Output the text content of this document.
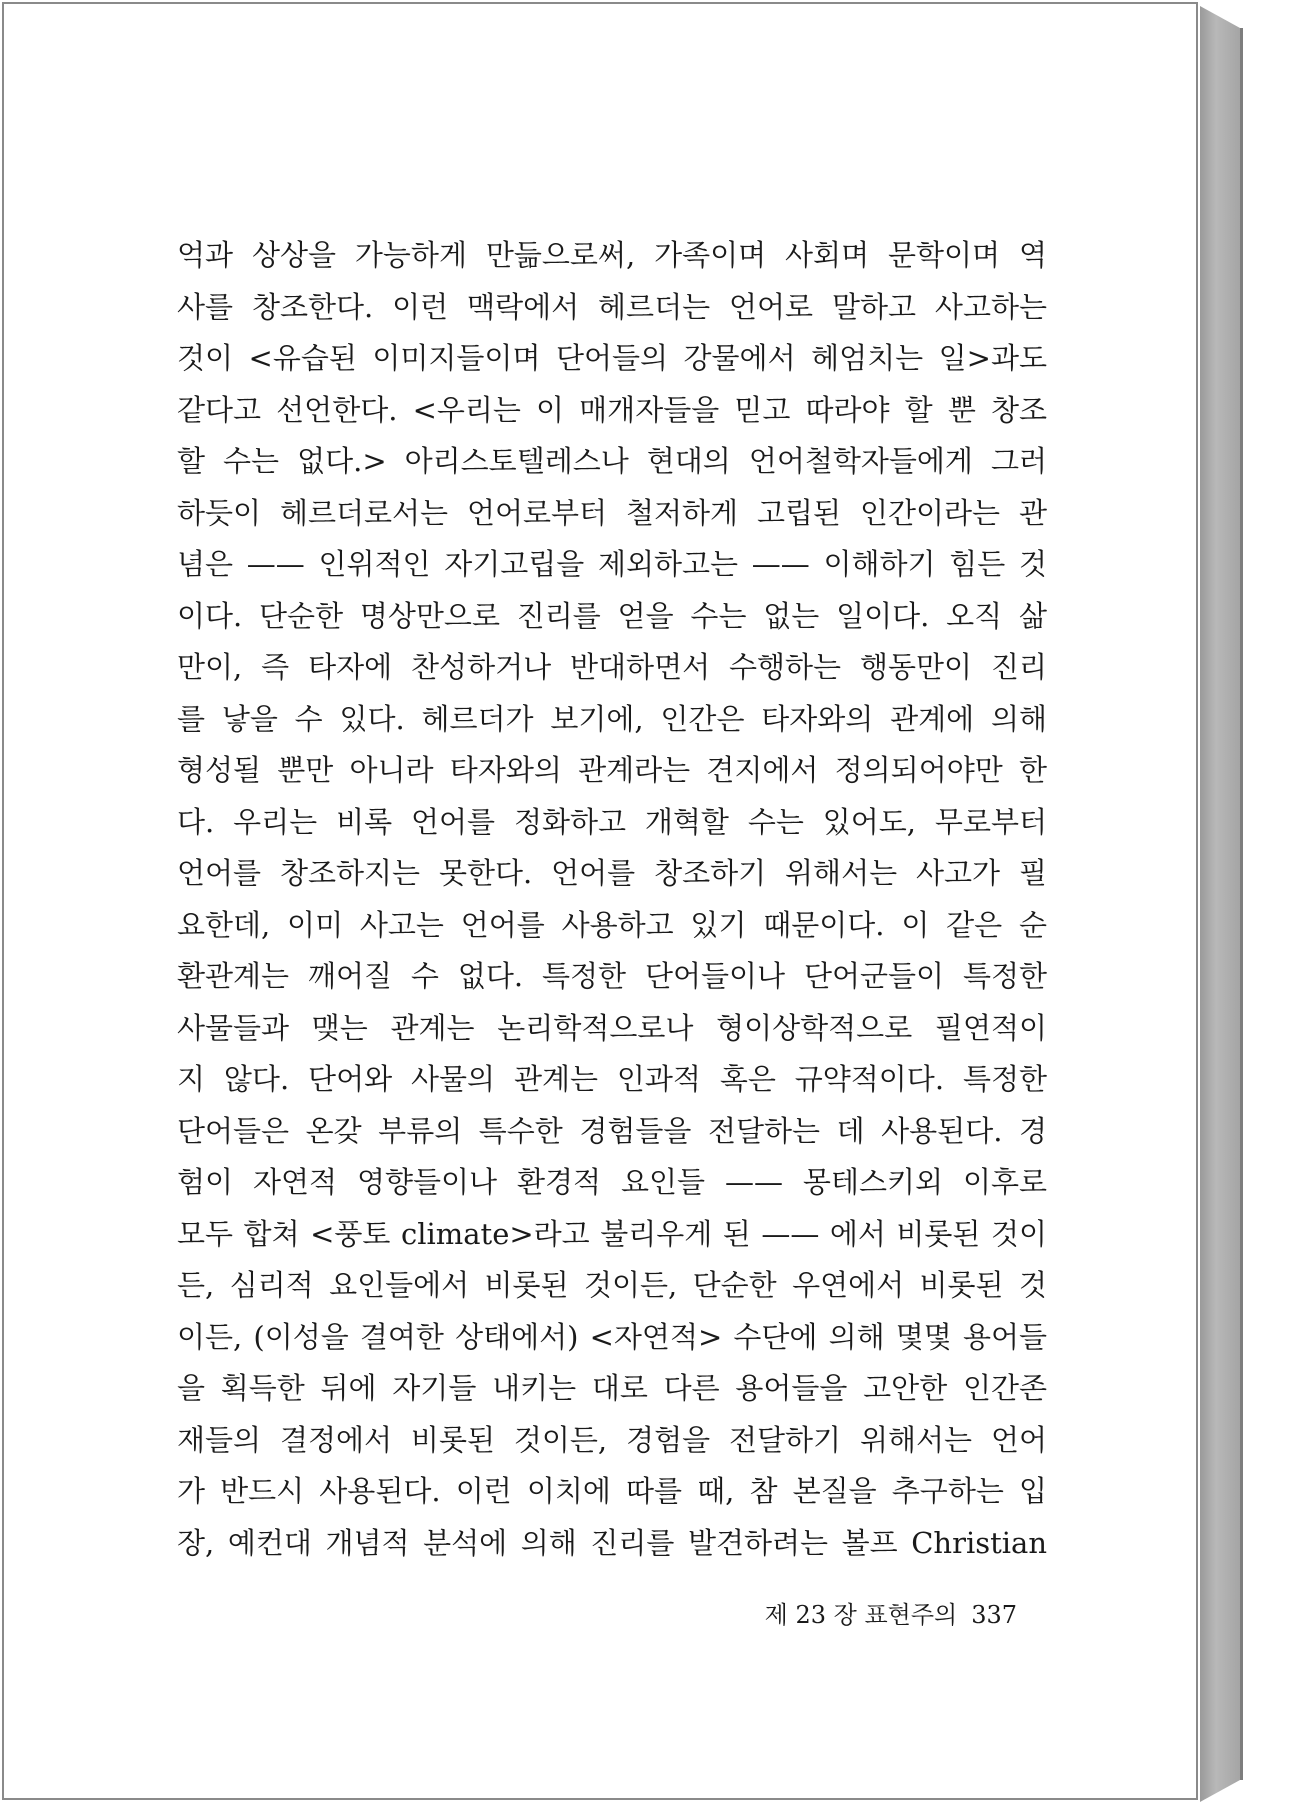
억과 상상을 가능하게 만듦으로써, 가족이며 사회며 문학이며 역
사를 창조한다. 이런 맥락에서 헤르더는 언어로 말하고 사고하는
것이 <유습된 이미지들이며 단어들의 강물에서 헤엄치는 일>과도
같다고 선언한다. <우리는 이 매개자들을 믿고 따라야 할 뿐 창조
할 수는 없다.> 아리스토텔레스나 현대의 언어철학자들에게 그러
하듯이 헤르더로서는 언어로부터 철저하게 고립된 인간이라는 관
념은 —— 인위적인 자기고립을 제외하고는 —— 이해하기 힘든 것
이다. 단순한 명상만으로 진리를 얻을 수는 없는 일이다. 오직 삶
만이, 즉 타자에 찬성하거나 반대하면서 수행하는 행동만이 진리
를 낳을 수 있다. 헤르더가 보기에, 인간은 타자와의 관계에 의해
형성될 뿐만 아니라 타자와의 관계라는 견지에서 정의되어야만 한
다. 우리는 비록 언어를 정화하고 개혁할 수는 있어도, 무로부터
언어를 창조하지는 못한다. 언어를 창조하기 위해서는 사고가 필
요한데, 이미 사고는 언어를 사용하고 있기 때문이다. 이 같은 순
환관계는 깨어질 수 없다. 특정한 단어들이나 단어군들이 특정한
사물들과 맺는 관계는 논리학적으로나 형이상학적으로 필연적이
지 않다. 단어와 사물의 관계는 인과적 혹은 규약적이다. 특정한
단어들은 온갖 부류의 특수한 경험들을 전달하는 데 사용된다. 경
험이 자연적 영향들이나 환경적 요인들 —— 몽테스키외 이후로
모두 합쳐 <풍토 climate>라고 불리우게 된 —— 에서 비롯된 것이
든, 심리적 요인들에서 비롯된 것이든, 단순한 우연에서 비롯된 것
이든, (이성을 결여한 상태에서) <자연적> 수단에 의해 몇몇 용어들
을 획득한 뒤에 자기들 내키는 대로 다른 용어들을 고안한 인간존
재들의 결정에서 비롯된 것이든, 경험을 전달하기 위해서는 언어
가 반드시 사용된다. 이런 이치에 따를 때, 참 본질을 추구하는 입
장, 예컨대 개념적 분석에 의해 진리를 발견하려는 볼프 Christian
제 23 장 표현주의 337
